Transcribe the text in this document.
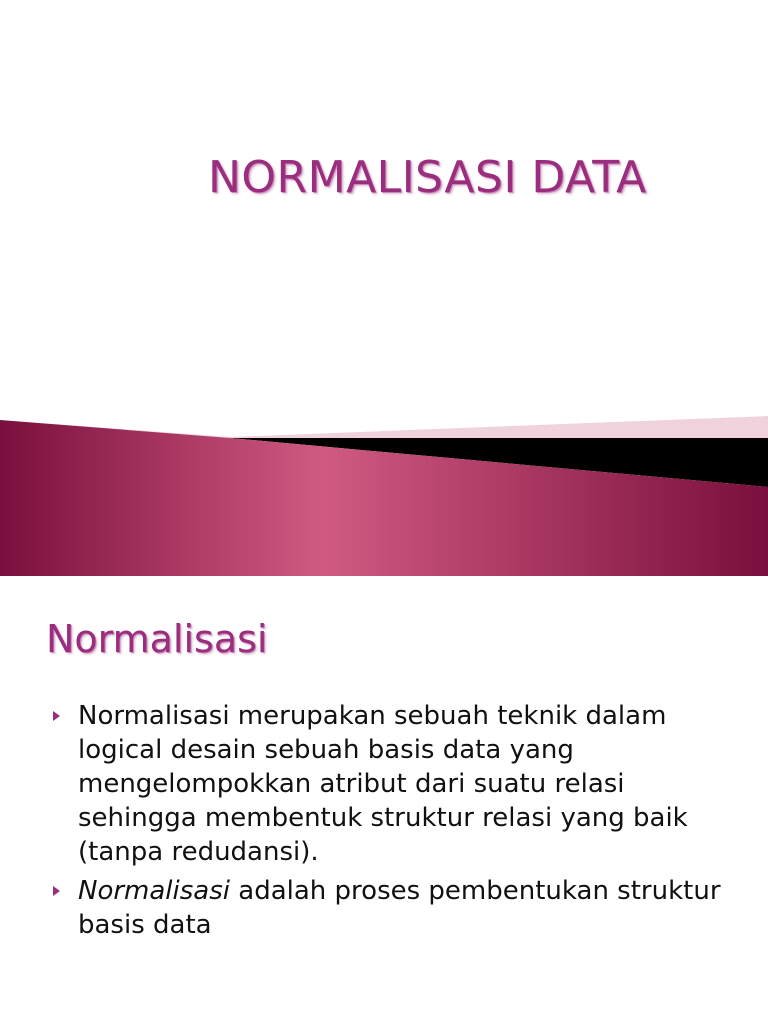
NORMALISASI DATA
Normalisasi
Normalisasi merupakan sebuah teknik dalam logical desain sebuah basis data yang mengelompokkan atribut dari suatu relasi sehingga membentuk struktur relasi yang baik (tanpa redudansi).
Normalisasi adalah proses pembentukan struktur basis data
